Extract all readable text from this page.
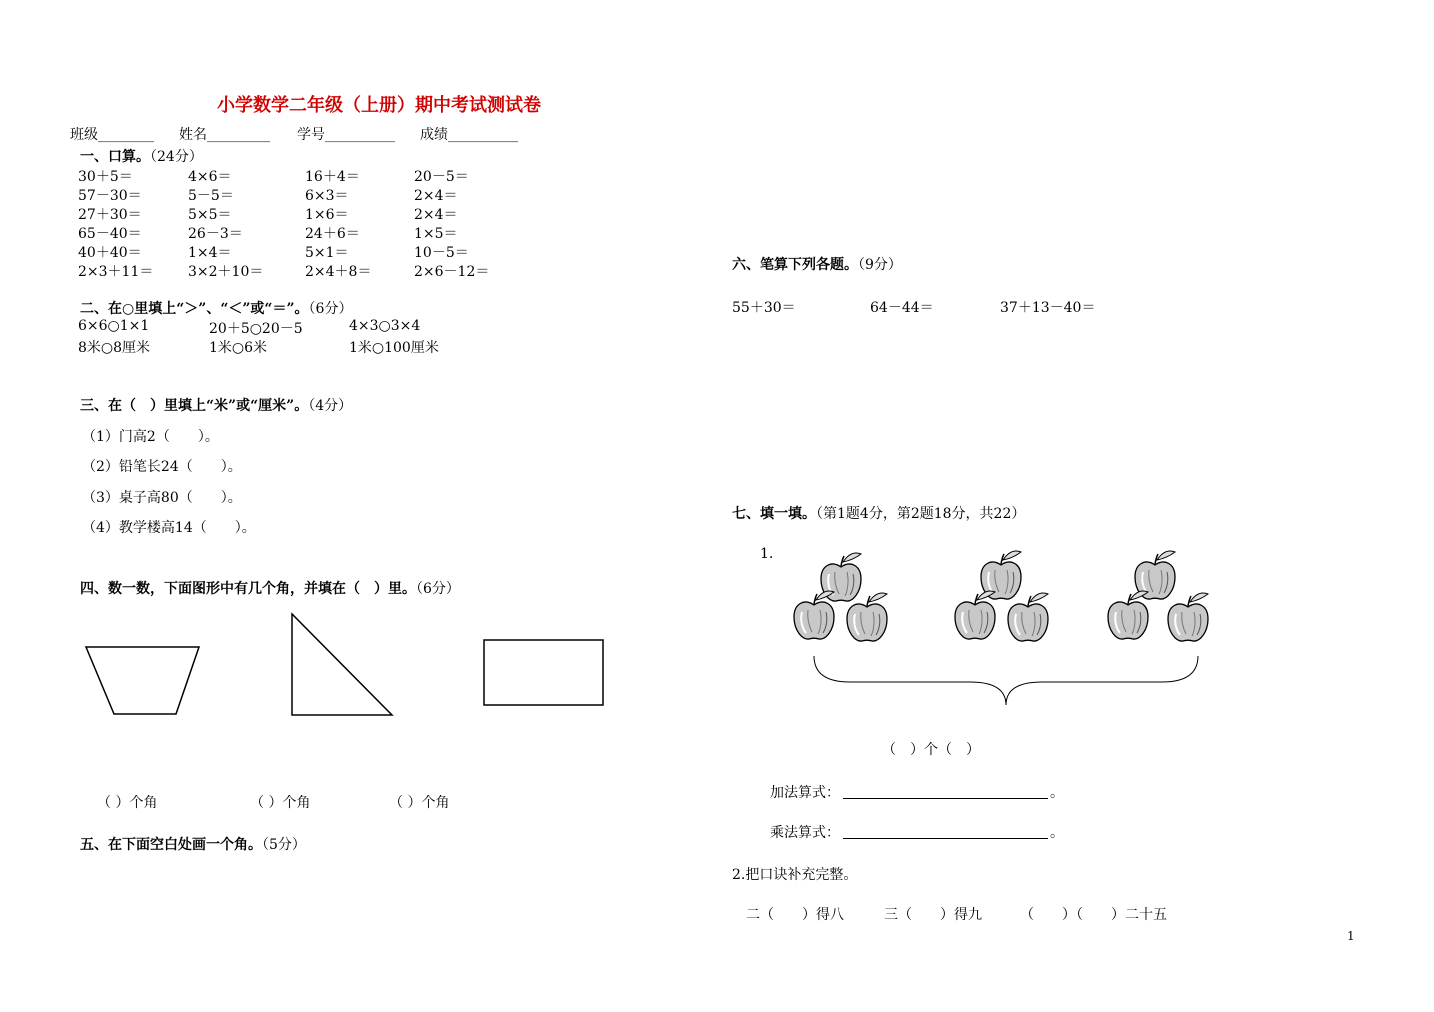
小学数学二年级（上册）期中考试测试卷
班级________ 姓名_________ 学号__________ 成绩__________
一、口算。（24分）
30＋5＝	4×6＝	16＋4＝	20－5＝
57－30＝	5－5＝	6×3＝	2×4＝
27＋30＝	5×5＝	1×6＝	2×4＝
65－40＝	26－3＝	24＋6＝	1×5＝
40＋40＝	1×4＝	5×1＝	10－5＝
2×3＋11＝ 3×2＋10＝	2×4＋8＝	2×6－12＝
二、在○里填上“＞”、“＜”或“＝”。（6分）
6×6○1×1	20＋5○20－5	4×3○3×4
8米○8厘米	1米○6米	1米○100厘米
三、在（　）里填上“米”或“厘米”。（4分）
（1）门高2（　　）。
（2）铅笔长24（　　）。
（3）桌子高80（　　）。
（4）教学楼高14（　　）。
四、数一数，下面图形中有几个角，并填在（　）里。（6分）
（ ）个角	（ ）个角	（ ）个角
五、在下面空白处画一个角。（5分）
六、笔算下列各题。（9分）
55＋30＝	64－44＝	37＋13－40＝
七、填一填。（第1题4分，第2题18分，共22）
1.
（　）个（　）
加法算式：	。
乘法算式：	。
2.把口诀补充完整。
二（　　）得八	三（　　）得九	（　　）（　　）二十五
1
